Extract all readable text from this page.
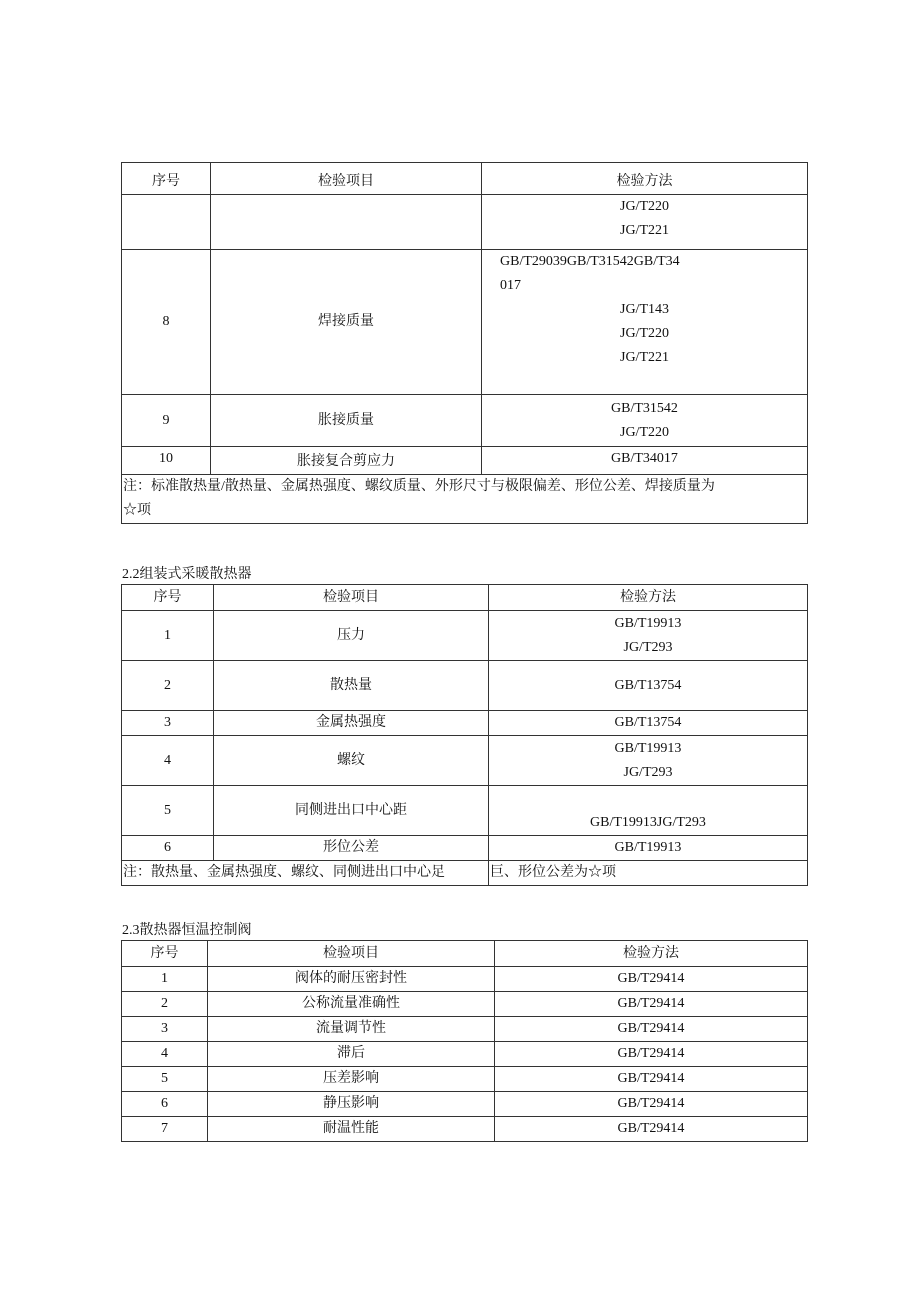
序号	检验项目	检验方法

		JG/T220
JG/T221

8	焊接质量	GB/T29039GB/T31542GB/T34
017
JG/T143
JG/T220
JG/T221

9	胀接质量	GB/T31542
JG/T220

10	胀接复合剪应力	GB/T34017

注：标准散热量/散热量、金属热强度、螺纹质量、外形尺寸与极限偏差、形位公差、焊接质量为
☆项		
2.2组装式采暖散热器
序号	检验项目	检验方法
1	压力	GB/T19913
JG/T293

2	散热量	GB/T13754

3	金属热强度	GB/T13754

4	螺纹	GB/T19913
JG/T293

5	同侧进出口中心距	GB/T19913JG/T293

6	形位公差	GB/T19913

注：散热量、金属热强度、螺纹、同侧进出口中心足		巨、形位公差为☆项
2.3散热器恒温控制阀
序号	检验项目	检验方法
1	阀体的耐压密封性	GB/T29414
2	公称流量准确性	GB/T29414
3	流量调节性	GB/T29414
4	滞后	GB/T29414
5	压差影响	GB/T29414
6	静压影响	GB/T29414
7	耐温性能	GB/T29414
